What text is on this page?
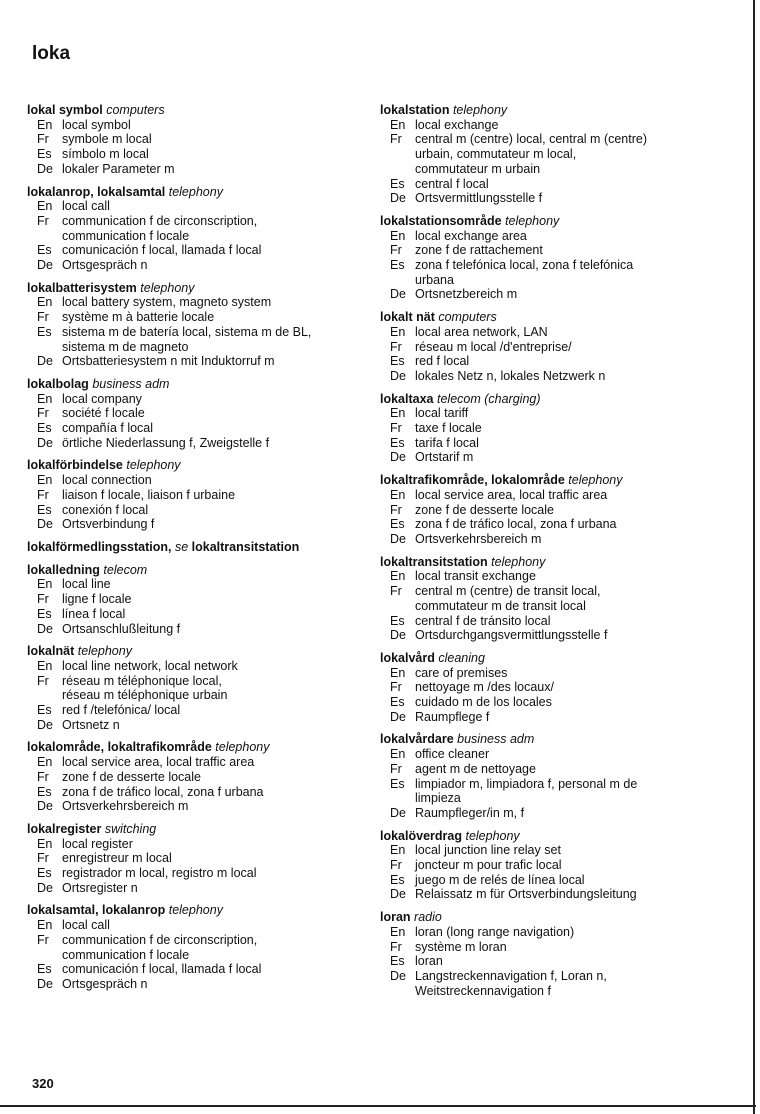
loka
lokal symbol computers
En local symbol
Fr	symbole m local
Es símbolo m local
De lokaler Parameter m
lokalanrop, lokalsamtal telephony
En local call
Fr	communication f de circonscription,
communication f locale
Es comunicación f local, llamada f local
De Ortsgespräch n
lokalbatterisystem telephony
En local battery system, magneto system
Fr	système m à batterie locale
Es sistema m de batería local, sistema m de BL,
sistema m de magneto
De Ortsbatteriesystem n mit Induktorruf m
lokalbolag business adm
En local company
Fr	société f locale
Es compañía f local
De örtliche Niederlassung f, Zweigstelle f
lokalförbindelse telephony
En local connection
Fr	liaison f locale, liaison f urbaine
Es conexión f local
De Ortsverbindung f
lokalförmedlingsstation, se lokaltransitstation
lokalledning telecom
En local line
Fr	ligne f locale
Es línea f local
De Ortsanschlußleitung f
lokalnät telephony
En local line network, local network
Fr	réseau m téléphonique local,
réseau m téléphonique urbain
Es red f /telefónica/ local
De Ortsnetz n
lokalområde, lokaltrafikområde telephony
En local service area, local traffic area
Fr	zone f de desserte locale
Es zona f de tráfico local, zona f urbana
De Ortsverkehrsbereich m
lokalregister switching
En local register
Fr	enregistreur m local
Es registrador m local, registro m local
De Ortsregister n
lokalsamtal, lokalanrop telephony
En local call
Fr	communication f de circonscription,
communication f locale
Es comunicación f local, llamada f local
De Ortsgespräch n
lokalstation telephony
En local exchange
Fr	central m (centre) local, central m (centre)
urbain, commutateur m local,
commutateur m urbain
Es central f local
De Ortsvermittlungsstelle f
lokalstationsområde telephony
En local exchange area
Fr	zone f de rattachement
Es zona f telefónica local, zona f telefónica
urbana
De Ortsnetzbereich m
lokalt nät computers
En local area network, LAN
Fr	réseau m local /d'entreprise/
Es red f local
De lokales Netz n, lokales Netzwerk n
lokaltaxa telecom (charging)
En local tariff
Fr	taxe f locale
Es tarifa f local
De Ortstarif m
lokaltrafikområde, lokalområde telephony
En local service area, local traffic area
Fr	zone f de desserte locale
Es zona f de tráfico local, zona f urbana
De Ortsverkehrsbereich m
lokaltransitstation telephony
En local transit exchange
Fr	central m (centre) de transit local,
commutateur m de transit local
Es central f de tránsito local
De Ortsdurchgangsvermittlungsstelle f
lokalvård cleaning
En care of premises
Fr	nettoyage m /des locaux/
Es cuidado m de los locales
De Raumpflege f
lokalvårdare business adm
En office cleaner
Fr	agent m de nettoyage
Es limpiador m, limpiadora f, personal m de
limpieza
De Raumpfleger/in m, f
lokalöverdrag telephony
En local junction line relay set
Fr	joncteur m pour trafic local
Es juego m de relés de línea local
De Relaissatz m für Ortsverbindungsleitung
loran radio
En loran (long range navigation)
Fr	système m loran
Es loran
De Langstreckennavigation f, Loran n,
Weitstreckennavigation f

320
